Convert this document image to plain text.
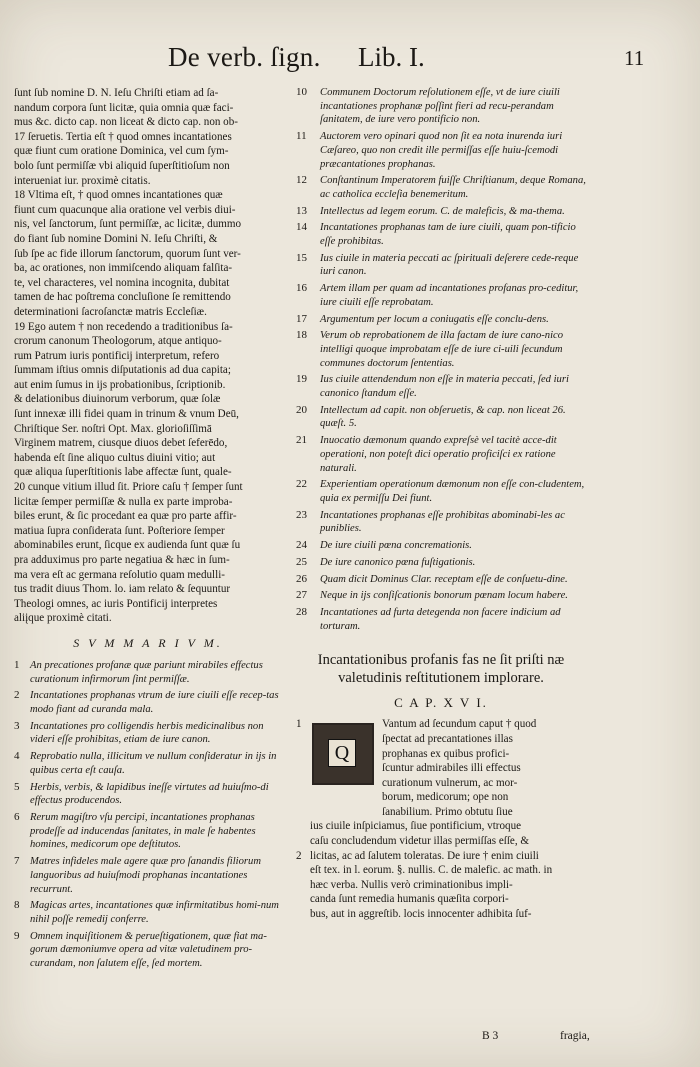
De verb. ſign. Lib. I.	11
ſunt ſub nomine D. N. Ieſu Chriſti etiam ad ſa-
nandum corpora ſunt licitæ, quia omnia quæ faci-
mus &c. dicto cap. non liceat & dicto cap. non ob-
17 ſeruetis. Tertia eſt † quod omnes incantationes
quæ fiunt cum oratione Dominica, vel cum ſym-
bolo ſunt permiſſæ vbi aliquid ſuperſtitioſum non
interueniat iur. proximè citatis.
18 Vltima eſt, † quod omnes incantationes quæ
fiunt cum quacunque alia oratione vel verbis diui-
nis, vel ſanctorum, ſunt permiſſæ, ac licitæ, dummo
do fiant ſub nomine Domini N. Ieſu Chriſti, &
ſub ſpe ac fide illorum ſanctorum, quorum ſunt ver-
ba, ac orationes, non immiſcendo aliquam falſita-
te, vel characteres, vel nomina incognita, dubitat
tamen de hac poſtrema concluſione ſe remittendo
determinationi ſacroſanctæ matris Eccleſiæ.
19 Ego autem † non recedendo a traditionibus ſa-
crorum canonum Theologorum, atque antiquo-
rum Patrum iuris pontificij interpretum, refero
ſummam iſtius omnis diſputationis ad dua capita;
aut enim ſumus in ijs probationibus, ſcriptionib.
& delationibus diuinorum verborum, quæ ſolæ
ſunt innexæ illi fidei quam in trinum & vnum Deū,
Chriſtique Ser. noſtri Opt. Max. glorioſiſſimā
Virginem matrem, ciusque diuos debet ſeferēdo,
habenda eſt ſine aliquo cultus diuini vitio; aut
quæ aliqua ſuperſtitionis labe affectæ ſunt, quale-
20 cunque vitium illud ſit. Priore caſu † ſemper ſunt
licitæ ſemper permiſſæ & nulla ex parte improba-
biles erunt, & ſic procedant ea quæ pro parte affir-
matiua ſupra conſiderata ſunt. Poſteriore ſemper
abominabiles erunt, ſicque ex audienda ſunt quæ ſu
pra adduximus pro parte negatiua & hæc in ſum-
ma vera eſt ac germana reſolutio quam medulli-
tus tradit diuus Thom. lo. iam relato & ſequuntur
Theologi omnes, ac iuris Pontificij interpretes
aliįque proximè citati.
S V M M A R I V M.
1 An precationes profanæ quæ pariunt mirabiles effectus curationum infirmorum ſint permiſſæ.
2 Incantationes prophanas vtrum de iure ciuili eſſe recep-tas modo fiant ad curanda mala.
3 Incantationes pro colligendis herbis medicinalibus non videri eſſe prohibitas, etiam de iure canon.
4 Reprobatio nulla, illicitum ve nullum conſideratur in ijs in quibus certa eſt cauſa.
5 Herbis, verbis, & lapidibus ineſſe virtutes ad huiuſmo-di effectus producendos.
6 Rerum magiſtro vſu percipi, incantationes prophanas prodeſſe ad inducendas ſanitates, in male ſe habentes homines, medicorum ope deſtitutos.
7 Matres infideles male agere quæ pro ſanandis filiorum languoribus ad huiuſmodi prophanas incantationes recurrunt.
8 Magicas artes, incantationes quæ infirmitatibus homi-num nihil poſſe remedij conferre.
9 Omnem inquiſitionem & perueſtigationem, quæ fiat ma-gorum dæmoniumve opera ad vitæ valetudinem pro-curandam, non ſalutem eſſe, ſed mortem.
10	Communem Doctorum reſolutionem eſſe, vt de iure ciuili incantationes prophanæ poſſint fieri ad recu-perandam ſanitatem, de iure vero pontificio non.
11	Auctorem vero opinari quod non ſit ea nota inurenda iuri Cæſareo, quo non credit ille permiſſas eſſe huiu-ſcemodi præcantationes prophanas.
12	Conſtantinum Imperatorem fuiſſe Chriſtianum, deque Romana, ac catholica eccleſia benemeritum.
13	Intellectus ad legem eorum. C. de maleficis, & ma-thema.
14	Incantationes prophanas tam de iure ciuili, quam pon-tificio eſſe prohibitas.
15	Ius ciuile in materia peccati ac ſpirituali deſerere cede-reque iuri canon.
16	Artem illam per quam ad incantationes profanas pro-ceditur, iure ciuili eſſe reprobatam.
17	Argumentum per locum a coniugatis eſſe conclu-dens.
18	Verum ob reprobationem de illa factam de iure cano-nico intelligi quoque improbatam eſſe de iure ci-uili ſecundum communes doctorum ſententias.
19	Ius ciuile attendendum non eſſe in materia peccati, ſed iuri canonico ſtandum eſſe.
20	Intellectum ad capit. non obſeruetis, & cap. non liceat 26. quæſt. 5.
21	Inuocatio dæmonum quando expreſsè vel tacitè acce-dit operationi, non poteſt dici operatio proficiſci ex ratione naturali.
22	Experientiam operationum dæmonum non eſſe con-cludentem, quia ex permiſſu Dei fiunt.
23	Incantationes prophanas eſſe prohibitas abominabi-les ac puniblies.
24	De iure ciuili pœna concremationis.
25	De iure canonico pœna fuſtigationis.
26	Quam dicit Dominus Clar. receptam eſſe de conſuetu-dine.
27	Neque in ijs conſiſcationis bonorum pœnam locum habere.
28	Incantationes ad furta detegenda non facere indicium ad torturam.
Incantationibus profanis fas ne ſit priſti næ valetudinis reſtitutionem implorare.
C A P. X V I.
Q
Vantum ad ſecundum caput † quod
1
ſpectat ad precantationes illas
prophanas ex quibus profici-
ſcuntur admirabiles illi effectus
curationum vulnerum, ac mor-
borum, medicorum; ope non
ſanabilium. Primo obtutu ſiue
ius ciuile inſpiciamus, ſiue pontificium, vtroque
caſu concludendum videtur illas permiſſas eſſe, &
2 licitas, ac ad ſalutem toleratas. De iure † enim ciuili
eſt tex. in l. eorum. §. nullis. C. de malefic. ac math. in
hæc verba. Nullis verò criminationibus impli-
canda ſunt remedia humanis quæſita corpori-
bus, aut in aggreſtib. locis innocenter adhibita ſuf-
B 3	fragia,
